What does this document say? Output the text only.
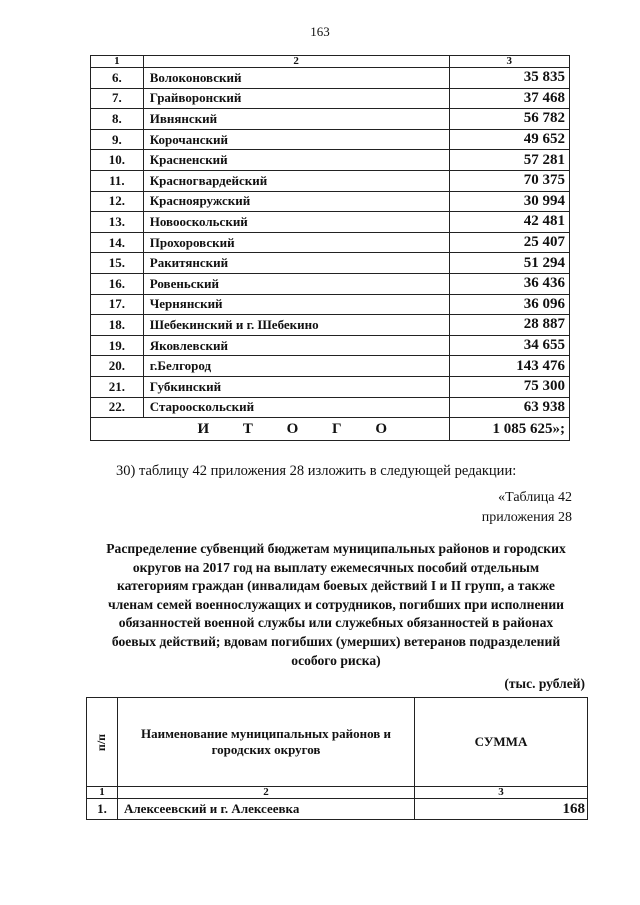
163
1	2	3
6.	Волоконовский	35 835
7.	Грайворонский	37 468
8.	Ивнянский	56 782
9.	Корочанский	49 652
10.	Красненский	57 281
11.	Красногвардейский	70 375
12.	Краснояружский	30 994
13.	Новооскольский	42 481
14.	Прохоровский	25 407
15.	Ракитянский	51 294
16.	Ровеньский	36 436
17.	Чернянский	36 096
18.	Шебекинский и г. Шебекино	28 887
19.	Яковлевский	34 655
20.	г.Белгород	143 476
21.	Губкинский	75 300
22.	Старооскольский	63 938
И Т О Г О		1 085 625»;
30) таблицу 42 приложения 28 изложить в следующей редакции:
«Таблица 42
приложения 28
Распределение субвенций бюджетам муниципальных районов и городских округов на 2017 год на выплату ежемесячных пособий отдельным категориям граждан (инвалидам боевых действий I и II групп, а также членам семей военнослужащих и сотрудников, погибших при исполнении обязанностей военной службы или служебных обязанностей в районах боевых действий; вдовам погибших (умерших) ветеранов подразделений особого риска)
(тыс. рублей)
п/п	Наименование муниципальных районов и городских округов	СУММА
1	2	3
1.	Алексеевский и г. Алексеевка	168
